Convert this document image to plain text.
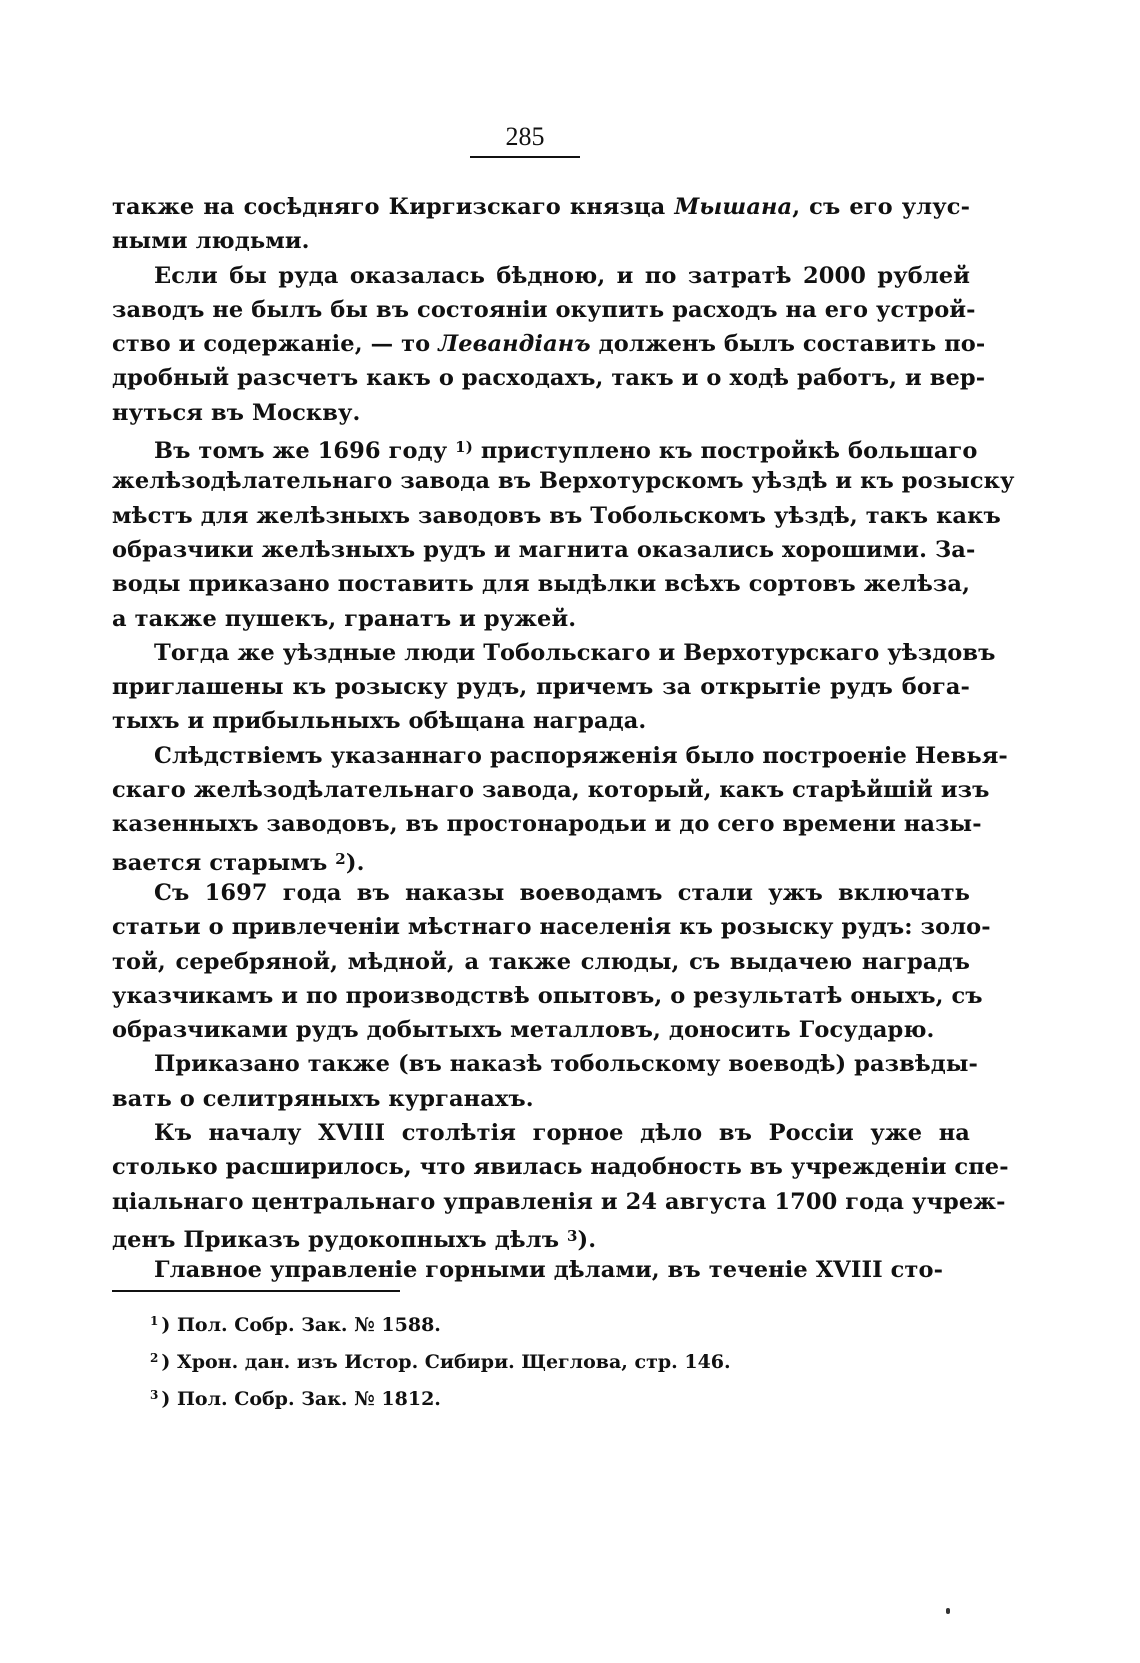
285
также на сосѣдняго Киргизскаго князца Мышана, съ его улус-
ными людьми.
Если бы руда оказалась бѣдною, и по затратѣ 2000 рублей
заводъ не былъ бы въ состояніи окупить расходъ на его устрой-
ство и содержаніе, — то Левандіанъ долженъ былъ составить по-
дробный разсчетъ какъ о расходахъ, такъ и о ходѣ работъ, и вер-
нуться въ Москву.
Въ томъ же 1696 году $^{1)}$ приступлено къ постройкѣ большаго
желѣзодѣлательнаго завода въ Верхотурскомъ уѣздѣ и къ розыску
мѣстъ для желѣзныхъ заводовъ въ Тобольскомъ уѣздѣ, такъ какъ
образчики желѣзныхъ рудъ и магнита оказались хорошими. За-
воды приказано поставить для выдѣлки всѣхъ сортовъ желѣза,
а также пушекъ, гранатъ и ружей.
Тогда же уѣздные люди Тобольскаго и Верхотурскаго уѣздовъ
приглашены къ розыску рудъ, причемъ за открытіе рудъ бога-
тыхъ и прибыльныхъ обѣщана награда.
Слѣдствіемъ указаннаго распоряженія было построеніе Невья-
скаго желѣзодѣлательнаго завода, который, какъ старѣйшій изъ
казенныхъ заводовъ, въ простонародьи и до сего времени назы-
вается старымъ $^2$).
Съ 1697 года въ наказы воеводамъ стали ужъ включать
статьи о привлеченіи мѣстнаго населенія къ розыску рудъ: золо-
той, серебряной, мѣдной, а также слюды, съ выдачею наградъ
указчикамъ и по производствѣ опытовъ, о результатѣ оныхъ, съ
образчиками рудъ добытыхъ металловъ, доносить Государю.
Приказано также (въ наказѣ тобольскому воеводѣ) развѣды-
вать о селитряныхъ курганахъ.
Къ началу XVIII столѣтія горное дѣло въ Россіи уже на
столько расширилось, что явилась надобность въ учрежденіи спе-
ціальнаго центральнаго управленія и 24 августа 1700 года учреж-
денъ Приказъ рудокопныхъ дѣлъ $^3$).
Главное управленіе горными дѣлами, въ теченіе XVIII сто-
$^1$ ) Пол. Собр. Зак. № 1588.
$^2$ ) Хрон. дан. изъ Истор. Сибири. Щеглова, стр. 146.
$^3$ ) Пол. Собр. Зак. № 1812.
